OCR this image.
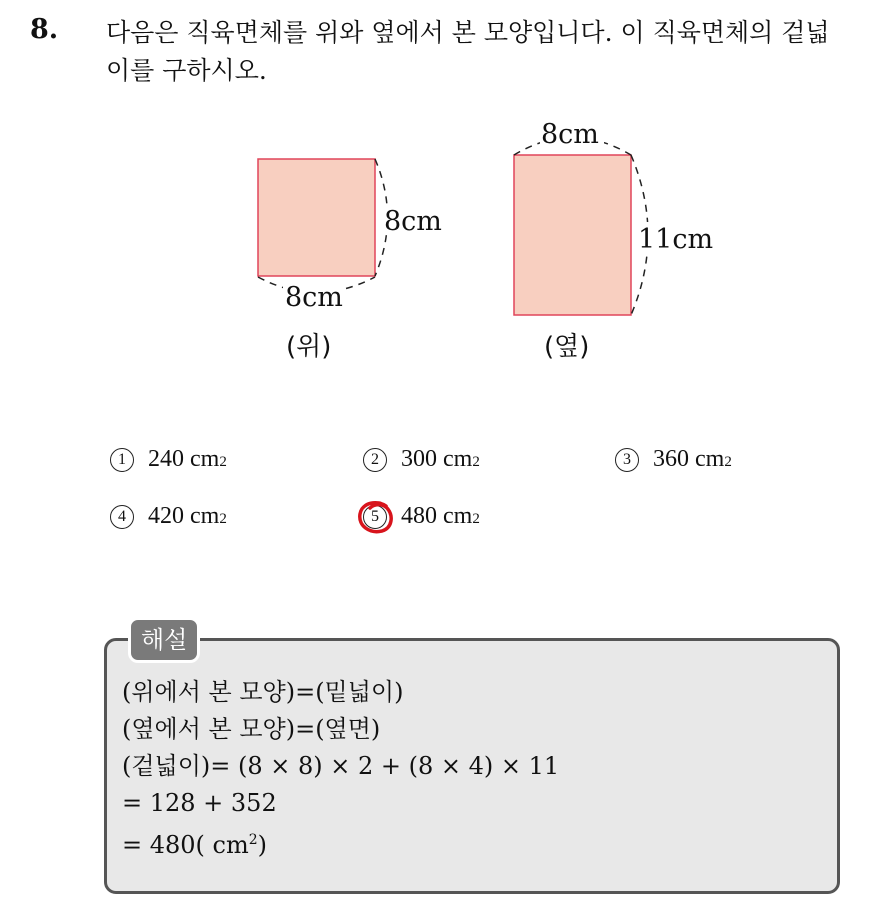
8. 다음은 직육면체를 위와 옆에서 본 모양입니다. 이 직육면체의 겉넓
이를 구하시오.
8cm
8cm
(위)
8cm
11cm
(옆)
1 240
cm 2	2 300
cm 2	3 360
cm 2
4 420
cm 2	5 480
cm 2
해설
(위에서 본 모양)=(밑넓이)
(옆에서 본 모양)=(옆면)
(겉넓이)= (8 × 8) × 2 + (8 × 4) × 11
= 128 + 352
= 480( $cm^2$)
